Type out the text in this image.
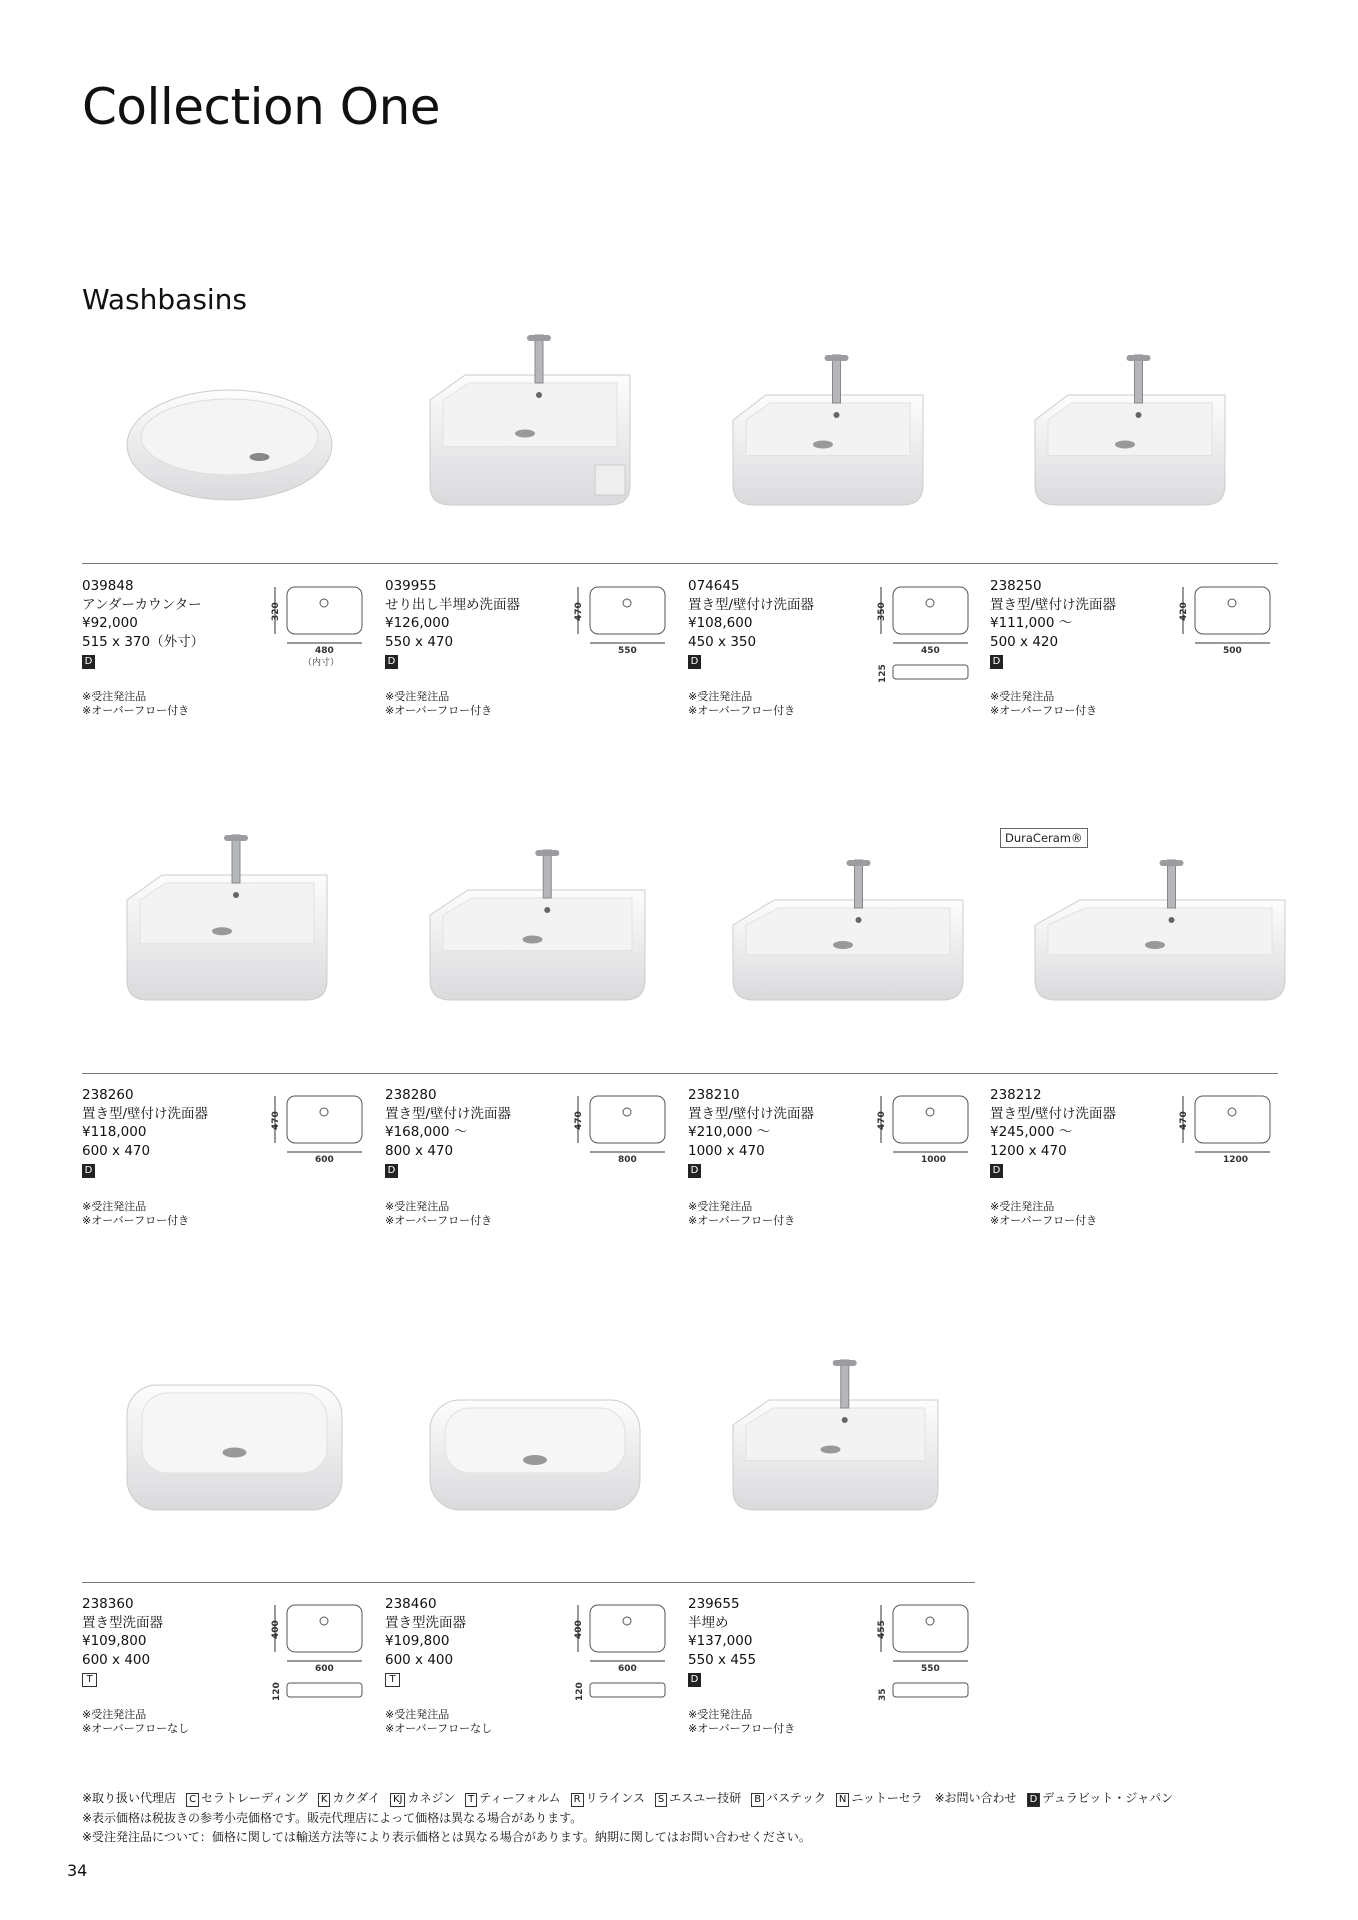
Collection One
Washbasins
DuraCeram®
039848
アンダーカウンター
¥92,000
515 x 370（外寸）
D
320
480
（内寸）
※受注発注品
※オーバーフロー付き
039955
せり出し半埋め洗面器
¥126,000
550 x 470
D
470
550
※受注発注品
※オーバーフロー付き
074645
置き型/壁付け洗面器
¥108,600
450 x 350
D
350
450
125
※受注発注品
※オーバーフロー付き
238250
置き型/壁付け洗面器
¥111,000 〜
500 x 420
D
420
500
※受注発注品
※オーバーフロー付き
238260
置き型/壁付け洗面器
¥118,000
600 x 470
D
470
600
※受注発注品
※オーバーフロー付き
238280
置き型/壁付け洗面器
¥168,000 〜
800 x 470
D
470
800
※受注発注品
※オーバーフロー付き
238210
置き型/壁付け洗面器
¥210,000 〜
1000 x 470
D
470
1000
※受注発注品
※オーバーフロー付き
238212
置き型/壁付け洗面器
¥245,000 〜
1200 x 470
D
470
1200
※受注発注品
※オーバーフロー付き
238360
置き型洗面器
¥109,800
600 x 400
T
400
600
120
※受注発注品
※オーバーフローなし
238460
置き型洗面器
¥109,800
600 x 400
T
400
600
120
※受注発注品
※オーバーフローなし
239655
半埋め
¥137,000
550 x 455
D
455
550
35
※受注発注品
※オーバーフロー付き
※取り扱い代理店 C セラトレーディング K カクダイ KJ カネジン T ティーフォルム R リラインス S エスユー技研 B バステック N ニットーセラ ※お問い合わせ D デュラビット・ジャパン
※表示価格は税抜きの参考小売価格です。販売代理店によって価格は異なる場合があります。
※受注発注品について：価格に関しては輸送方法等により表示価格とは異なる場合があります。納期に関してはお問い合わせください。
34
